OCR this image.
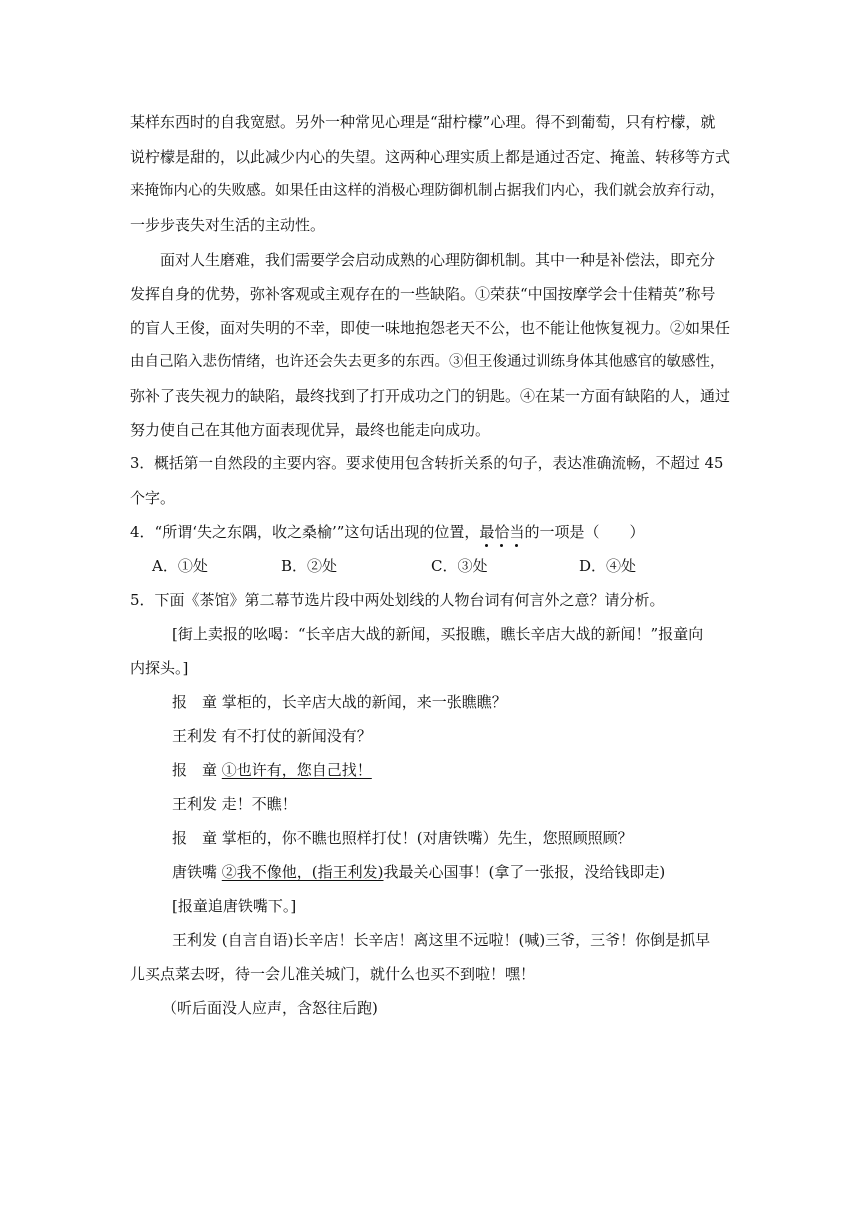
某样东西时的自我宽慰。另外一种常见心理是“甜柠檬”心理。得不到葡萄，只有柠檬，就
说柠檬是甜的，以此减少内心的失望。这两种心理实质上都是通过否定、掩盖、转移等方式
来掩饰内心的失败感。如果任由这样的消极心理防御机制占据我们内心，我们就会放弃行动，
一步步丧失对生活的主动性。
面对人生磨难，我们需要学会启动成熟的心理防御机制。其中一种是补偿法，即充分
发挥自身的优势，弥补客观或主观存在的一些缺陷。①荣获“中国按摩学会十佳精英”称号
的盲人王俊，面对失明的不幸，即使一味地抱怨老天不公，也不能让他恢复视力。②如果任
由自己陷入悲伤情绪，也许还会失去更多的东西。③但王俊通过训练身体其他感官的敏感性，
弥补了丧失视力的缺陷，最终找到了打开成功之门的钥匙。④在某一方面有缺陷的人，通过
努力使自己在其他方面表现优异，最终也能走向成功。
3．概括第一自然段的主要内容。要求使用包含转折关系的句子，表达准确流畅，不超过 45
个字。
4．“所谓‘失之东隅，收之桑榆’”这句话出现的位置，最恰当的一项是（　　）
A．①处	B．②处	C．③处	D．④处
5．下面《茶馆》第二幕节选片段中两处划线的人物台词有何言外之意？请分析。
[街上卖报的吆喝：“长辛店大战的新闻，买报瞧，瞧长辛店大战的新闻！”报童向
内探头。]
报　童 掌柜的，长辛店大战的新闻，来一张瞧瞧？
王利发 有不打仗的新闻没有？
报　童 ①也许有，您自己找！
王利发 走！不瞧！
报　童 掌柜的，你不瞧也照样打仗！(对唐铁嘴）先生，您照顾照顾？
唐铁嘴 ②我不像他，(指王利发)我最关心国事！(拿了一张报，没给钱即走)
[报童追唐铁嘴下。]
王利发 (自言自语)长辛店！长辛店！离这里不远啦！(喊)三爷，三爷！你倒是抓早
儿买点菜去呀，待一会儿准关城门，就什么也买不到啦！嘿！
（听后面没人应声，含怒往后跑)
